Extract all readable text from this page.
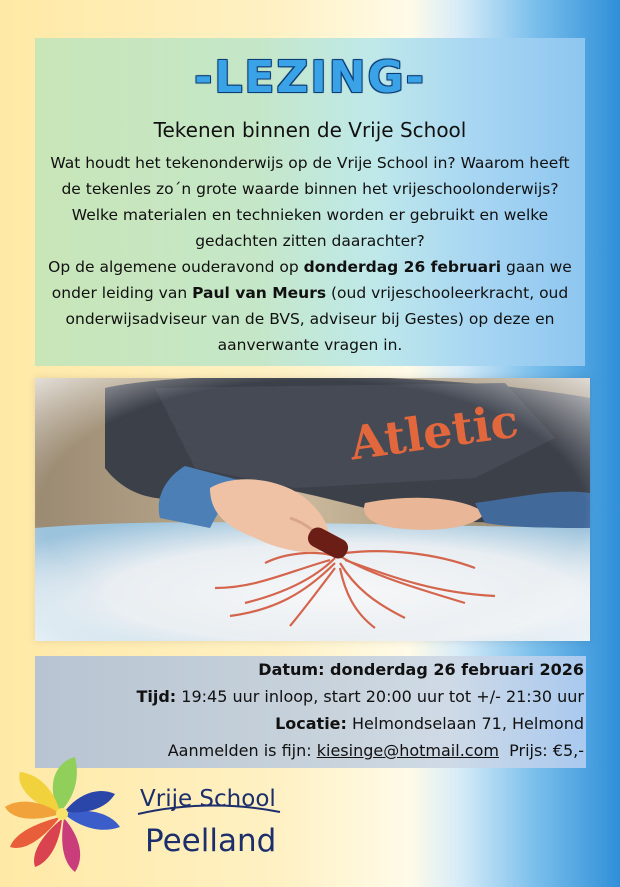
-LEZING-
Tekenen binnen de Vrije School

Wat houdt het tekenonderwijs op de Vrije School in? Waarom heeft

de tekenles zo´n grote waarde binnen het vrijeschoolonderwijs?

Welke materialen en technieken worden er gebruikt en welke

gedachten zitten daarachter?

Op de algemene ouderavond op donderdag 26 februari gaan we

onder leiding van Paul van Meurs (oud vrijeschooleerkracht, oud

onderwijsadviseur van de BVS, adviseur bij Gestes) op deze en

aanverwante vragen in.

Datum: donderdag 26 februari 2026
Tijd: 19:45 uur inloop, start 20:00 uur tot +/- 21:30 uur
Locatie: Helmondselaan 71, Helmond
Aanmelden is fijn: kiesinge@hotmail.com  Prijs: €5,-
Vrije School
Peelland
